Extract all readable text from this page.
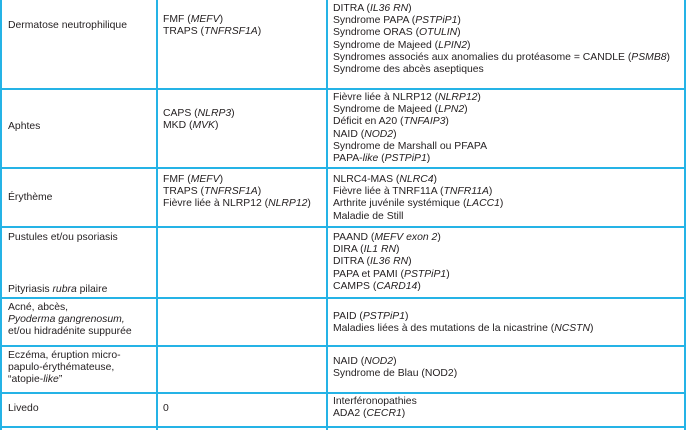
Dermatose neutrophilique
FMF (MEFV)
TRAPS (TNFRSF1A)
DITRA (IL36 RN)
Syndrome PAPA (PSTPiP1)
Syndrome ORAS (OTULIN)
Syndrome de Majeed (LPIN2)
Syndromes associés aux anomalies du protéasome = CANDLE (PSMB8)
Syndrome des abcès aseptiques
Aphtes
CAPS (NLRP3)
MKD (MVK)
Fièvre liée à NLRP12 (NLRP12)
Syndrome de Majeed (LPN2)
Déficit en A20 (TNFAIP3)
NAID (NOD2)
Syndrome de Marshall ou PFAPA
PAPA-like (PSTPiP1)
Érythème
FMF (MEFV)
TRAPS (TNFRSF1A)
Fièvre liée à NLRP12 (NLRP12)
NLRC4-MAS (NLRC4)
Fièvre liée à TNRF11A (TNFR11A)
Arthrite juvénile systémique (LACC1)
Maladie de Still
Pustules et/ou psoriasis
Pityriasis rubra pilaire
PAAND (MEFV exon 2)
DIRA (IL1 RN)
DITRA (IL36 RN)
PAPA et PAMI (PSTPiP1)
CAMPS (CARD14)
Acné, abcès,
Pyoderma gangrenosum,
et/ou hidradénite suppurée
PAID (PSTPiP1)
Maladies liées à des mutations de la nicastrine (NCSTN)
Eczéma, éruption micro-
papulo-érythémateuse,
“atopie-like”
NAID (NOD2)
Syndrome de Blau (NOD2)
Livedo	0
Interféronopathies
ADA2 (CECR1)
